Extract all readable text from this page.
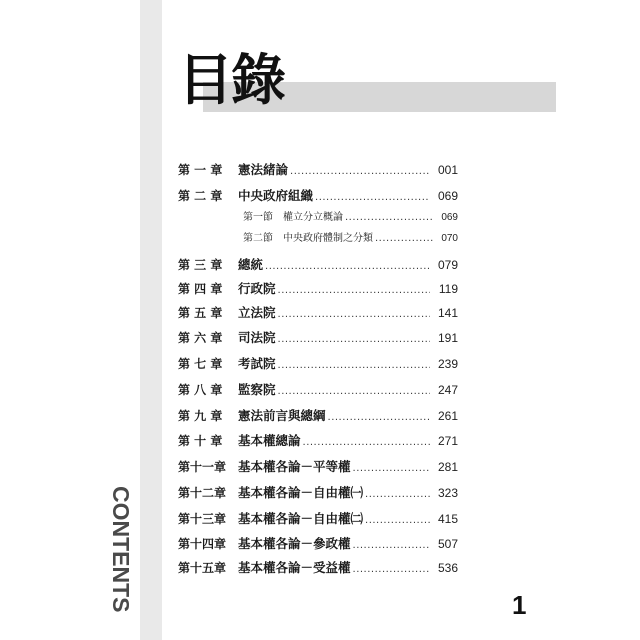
CONTENTS
目錄
第 一 章	憲法緒論 .....	001
第 二 章	中央政府組織 .....	069
第一節	權立分立概論 .....	069
第二節	中央政府體制之分類 .....	070
第 三 章	總統 .....	079
第 四 章	行政院 .....	119
第 五 章	立法院 .....	141
第 六 章	司法院 .....	191
第 七 章	考試院 .....	239
第 八 章	監察院 .....	247
第 九 章	憲法前言與總綱 .....	261
第 十 章	基本權總論 .....	271
第十一章 基本權各論－平等權 .....	281
第十二章 基本權各論－自由權㈠ .....	323
第十三章 基本權各論－自由權㈡ .....	415
第十四章 基本權各論－參政權 .....	507
第十五章 基本權各論－受益權 .....	536
1
